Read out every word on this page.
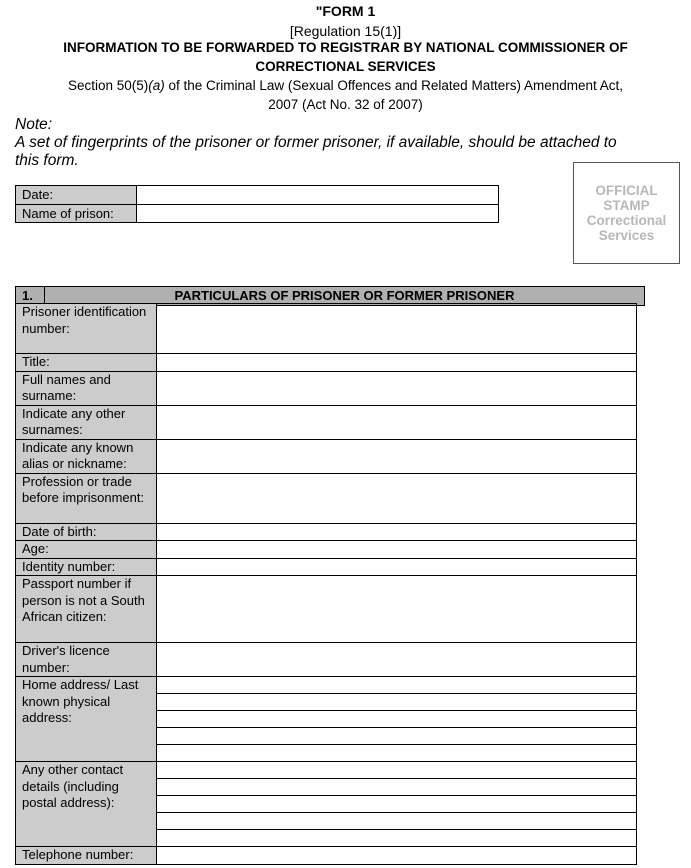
"FORM 1
[Regulation 15(1)]
INFORMATION TO BE FORWARDED TO REGISTRAR BY NATIONAL COMMISSIONER OF
CORRECTIONAL SERVICES
Section 50(5)(a) of the Criminal Law (Sexual Offences and Related Matters) Amendment Act,
2007 (Act No. 32 of 2007)
Note:
A set of fingerprints of the prisoner or former prisoner, if available, should be attached to
this form.
Date:	
Name of prison:	
OFFICIAL
STAMP
Correctional
Services
1.	PARTICULARS OF PRISONER OR FORMER PRISONER
Prisoner identification number:	
Title:	
Full names and surname:	
Indicate any other surnames:	
Indicate any known alias or nickname:	
Profession or trade before imprisonment:	
Date of birth:	
Age:	
Identity number:	
Passport number if person is not a South African citizen:	
Driver's licence number:	
Home address/ Last known physical address:	

Any other contact details (including postal address):	

Telephone number:	
